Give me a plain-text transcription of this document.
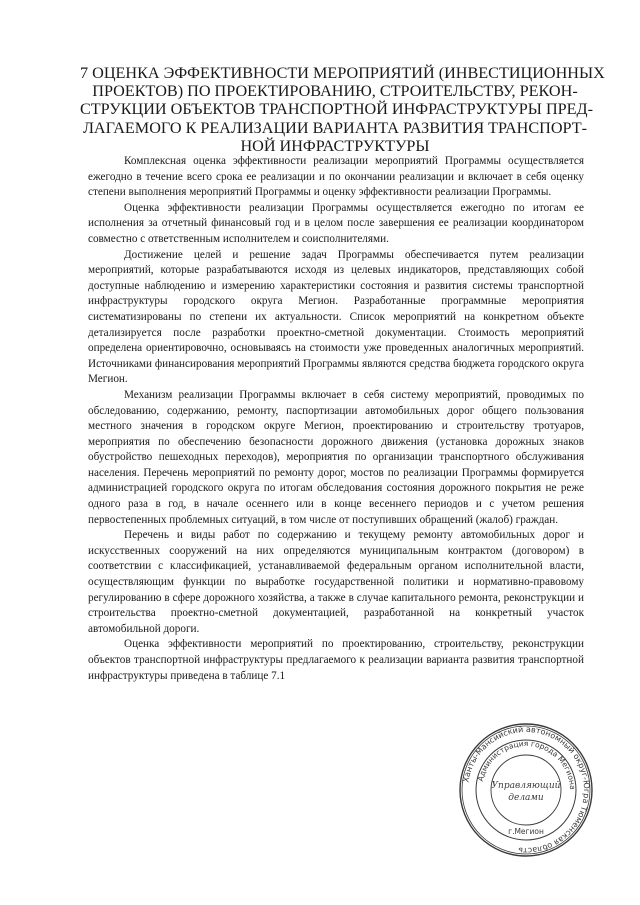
7 ОЦЕНКА ЭФФЕКТИВНОСТИ МЕРОПРИЯТИЙ (ИНВЕСТИЦИОННЫХ
ПРОЕКТОВ) ПО ПРОЕКТИРОВАНИЮ, СТРОИТЕЛЬСТВУ, РЕКОН-
СТРУКЦИИ ОБЪЕКТОВ ТРАНСПОРТНОЙ ИНФРАСТРУКТУРЫ ПРЕД-
ЛАГАЕМОГО К РЕАЛИЗАЦИИ ВАРИАНТА РАЗВИТИЯ ТРАНСПОРТ-
НОЙ ИНФРАСТРУКТУРЫ

Комплексная оценка эффективности реализации мероприятий Программы осуществляется ежегодно в течение всего срока ее реализации и по окончании реализации и включает в себя оценку степени выполнения мероприятий Программы и оценку эффективности реализации Программы.

Оценка эффективности реализации Программы осуществляется ежегодно по итогам ее исполнения за отчетный финансовый год и в целом после завершения ее реализации координатором совместно с ответственным исполнителем и соисполнителями.

Достижение целей и решение задач Программы обеспечивается путем реализации мероприятий, которые разрабатываются исходя из целевых индикаторов, представляющих собой доступные наблюдению и измерению характеристики состояния и развития системы транспортной инфраструктуры городского округа Мегион. Разработанные программные мероприятия систематизированы по степени их актуальности. Список мероприятий на конкретном объекте детализируется после разработки проектно-сметной документации. Стоимость мероприятий определена ориентировочно, основываясь на стоимости уже проведенных аналогичных мероприятий. Источниками финансирования мероприятий Программы являются средства бюджета городского округа Мегион.

Механизм реализации Программы включает в себя систему мероприятий, проводимых по обследованию, содержанию, ремонту, паспортизации автомобильных дорог общего пользования местного значения в городском округе Мегион, проектированию и строительству тротуаров, мероприятия по обеспечению безопасности дорожного движения (установка дорожных знаков обустройство пешеходных переходов), мероприятия по организации транспортного обслуживания населения. Перечень мероприятий по ремонту дорог, мостов по реализации Программы формируется администрацией городского округа по итогам обследования состояния дорожного покрытия не реже одного раза в год, в начале осеннего или в конце весеннего периодов и с учетом решения первостепенных проблемных ситуаций, в том числе от поступивших обращений (жалоб) граждан.

Перечень и виды работ по содержанию и текущему ремонту автомобильных дорог и искусственных сооружений на них определяются муниципальным контрактом (договором) в соответствии с классификацией, устанавливаемой федеральным органом исполнительной власти, осуществляющим функции по выработке государственной политики и нормативно-правовому регулированию в сфере дорожного хозяйства, а также в случае капитального ремонта, реконструкции и строительства проектно-сметной документацией, разработанной на конкретный участок автомобильной дороги.

Оценка эффективности мероприятий по проектированию, строительству, реконструкции объектов транспортной инфраструктуры предлагаемого к реализации варианта развития транспортной инфраструктуры приведена в таблице 7.1

Ханты-Мансийский автономный округ-Югра Тюменская область
Администрация города Мегиона
Управляющий
делами
г.Мегион
